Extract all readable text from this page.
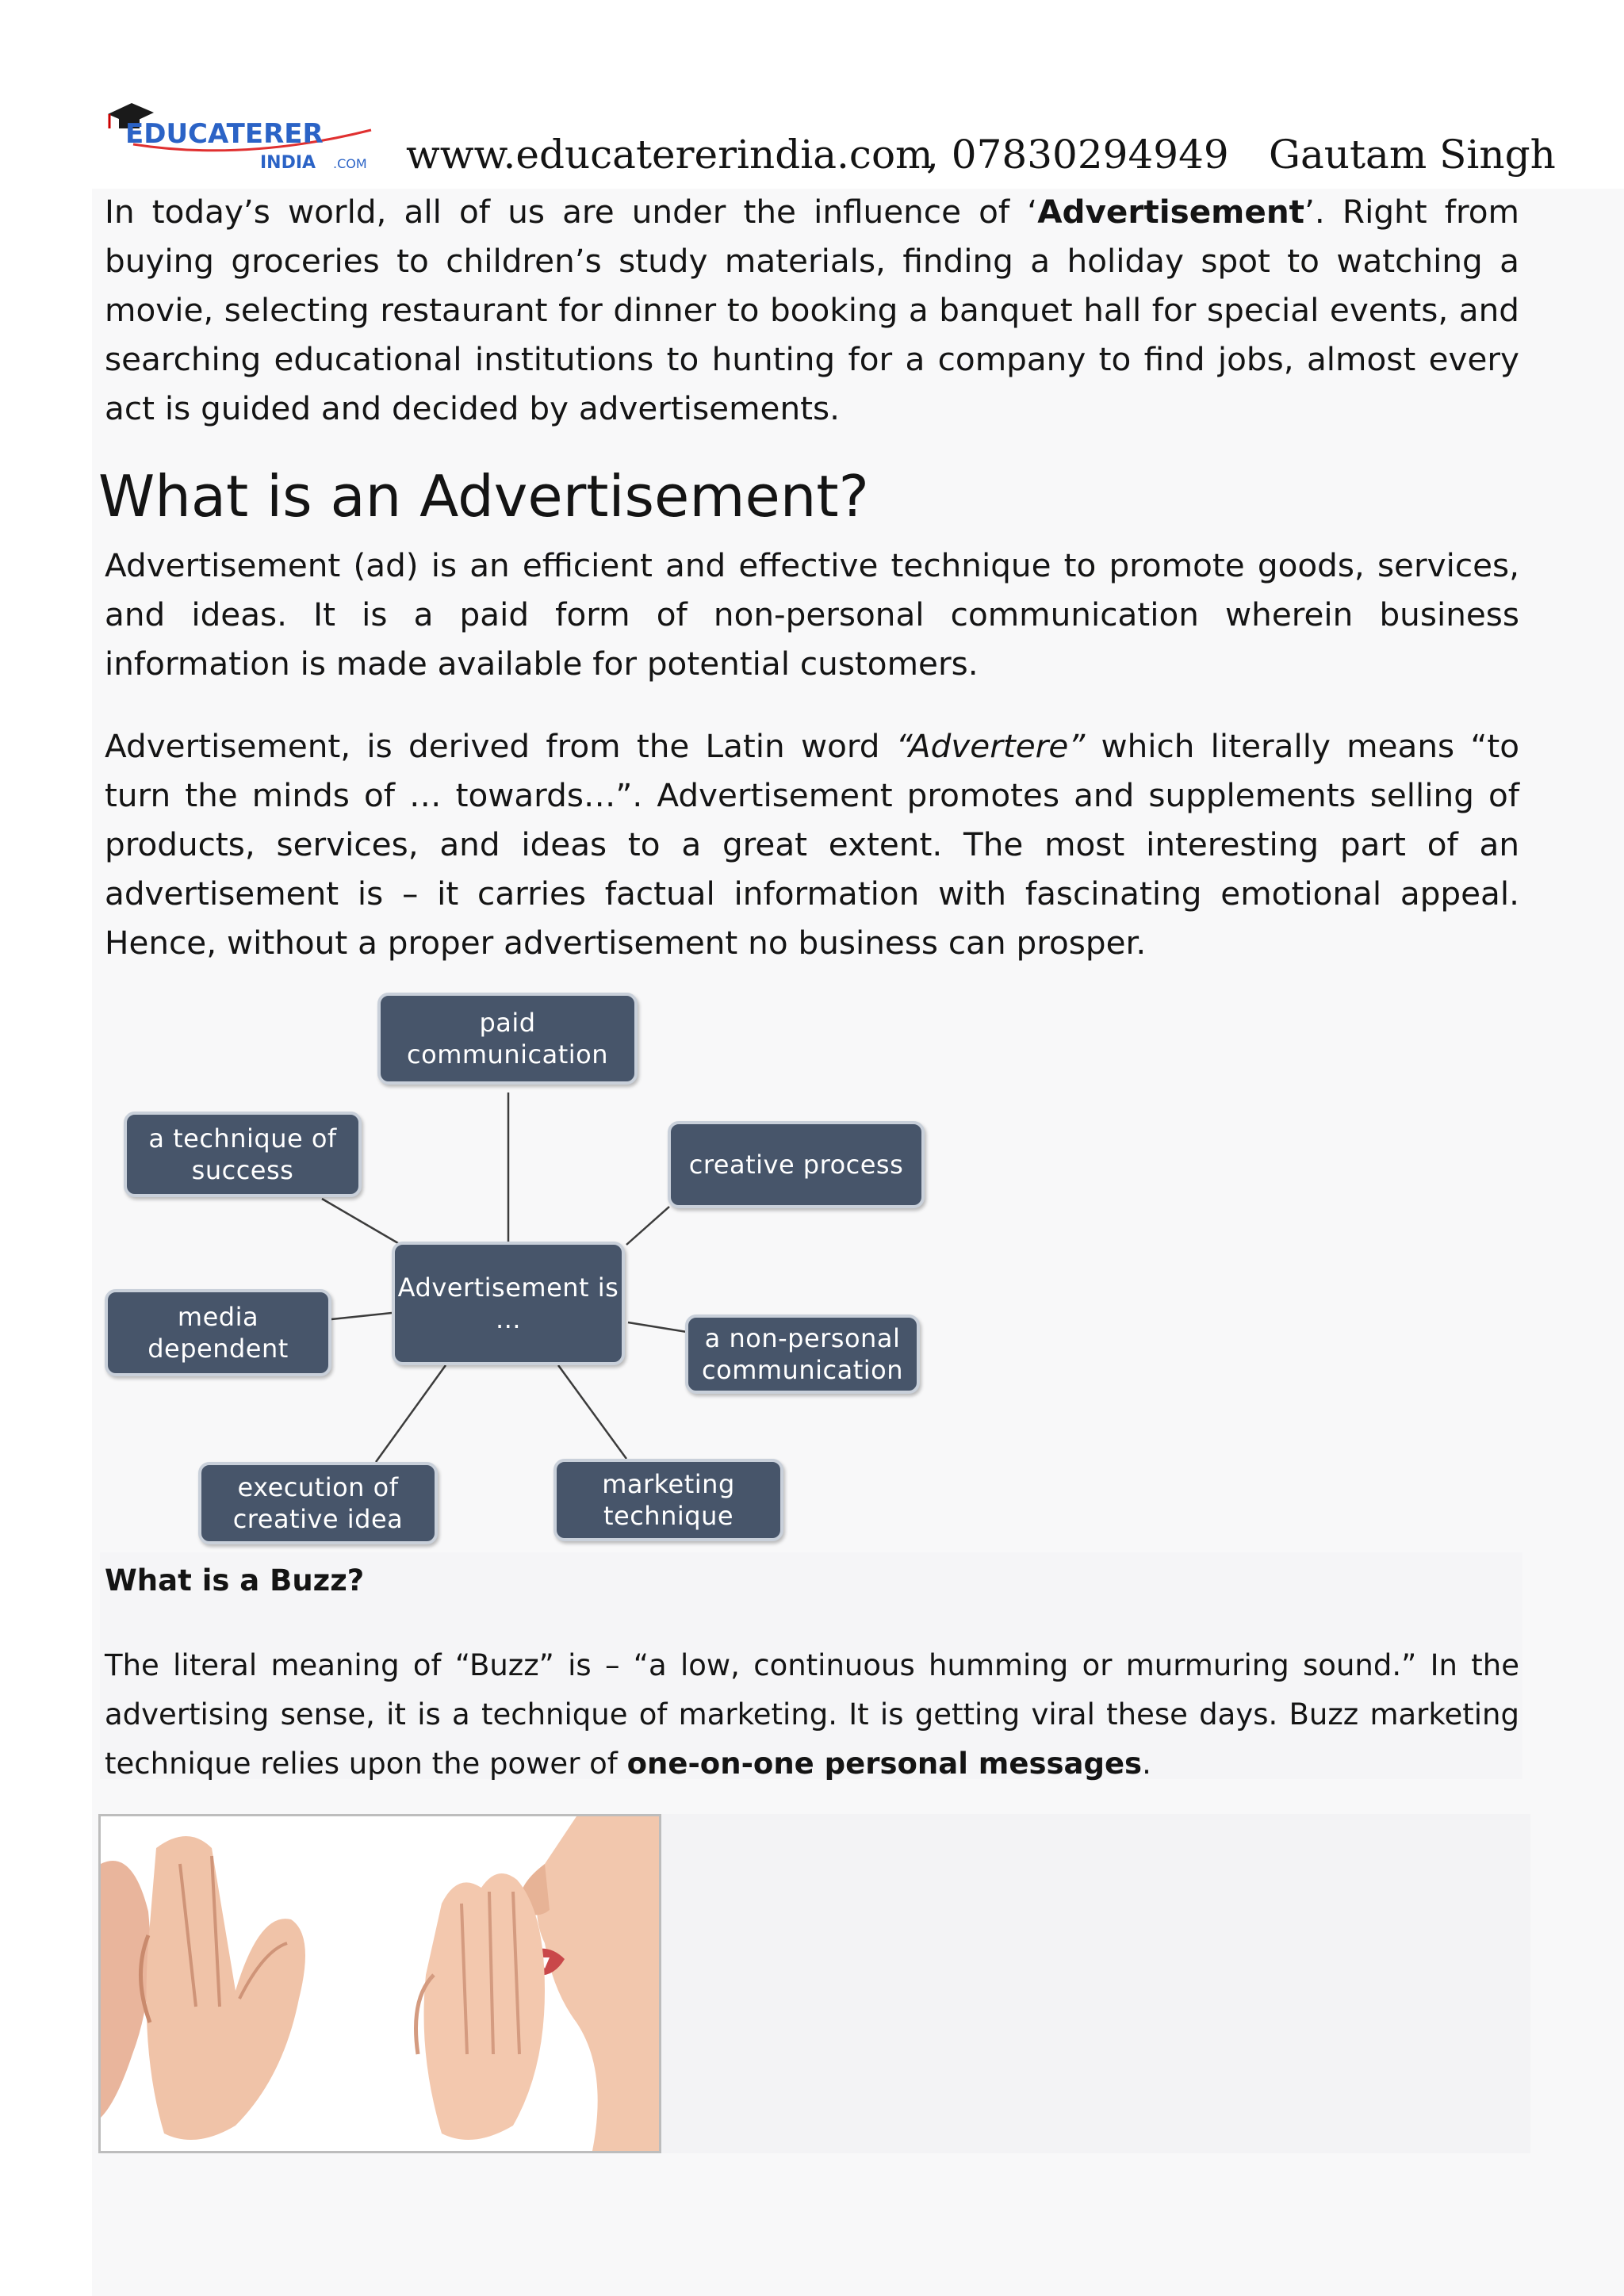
EDUCATERER
INDIA .COM www.educatererindia.com
, 07830294949 Gautam Singh
In today’s world, all of us are under the influence of ‘Advertisement’. Right from buying groceries to children’s study materials, finding a holiday spot to watching a movie, selecting restaurant for dinner to booking a banquet hall for special events, and searching educational institutions to hunting for a company to find jobs, almost every act is guided and decided by advertisements.
What is an Advertisement?
Advertisement (ad) is an efficient and effective technique to promote goods, services, and ideas. It is a paid form of non-personal communication wherein business information is made available for potential customers.
Advertisement, is derived from the Latin word “Advertere” which literally means “to turn the minds of … towards…”. Advertisement promotes and supplements selling of products, services, and ideas to a great extent. The most interesting part of an advertisement is – it carries factual information with fascinating emotional appeal. Hence, without a proper advertisement no business can prosper.
paid communication
a technique of success	creative process
Advertisement is …
media dependent	a non-personal communication
execution of creative idea
marketing technique
What is a Buzz?
The literal meaning of “Buzz” is – “a low, continuous humming or murmuring sound.” In the advertising sense, it is a technique of marketing. It is getting viral these days. Buzz marketing technique relies upon the power of one-on-one personal messages.
